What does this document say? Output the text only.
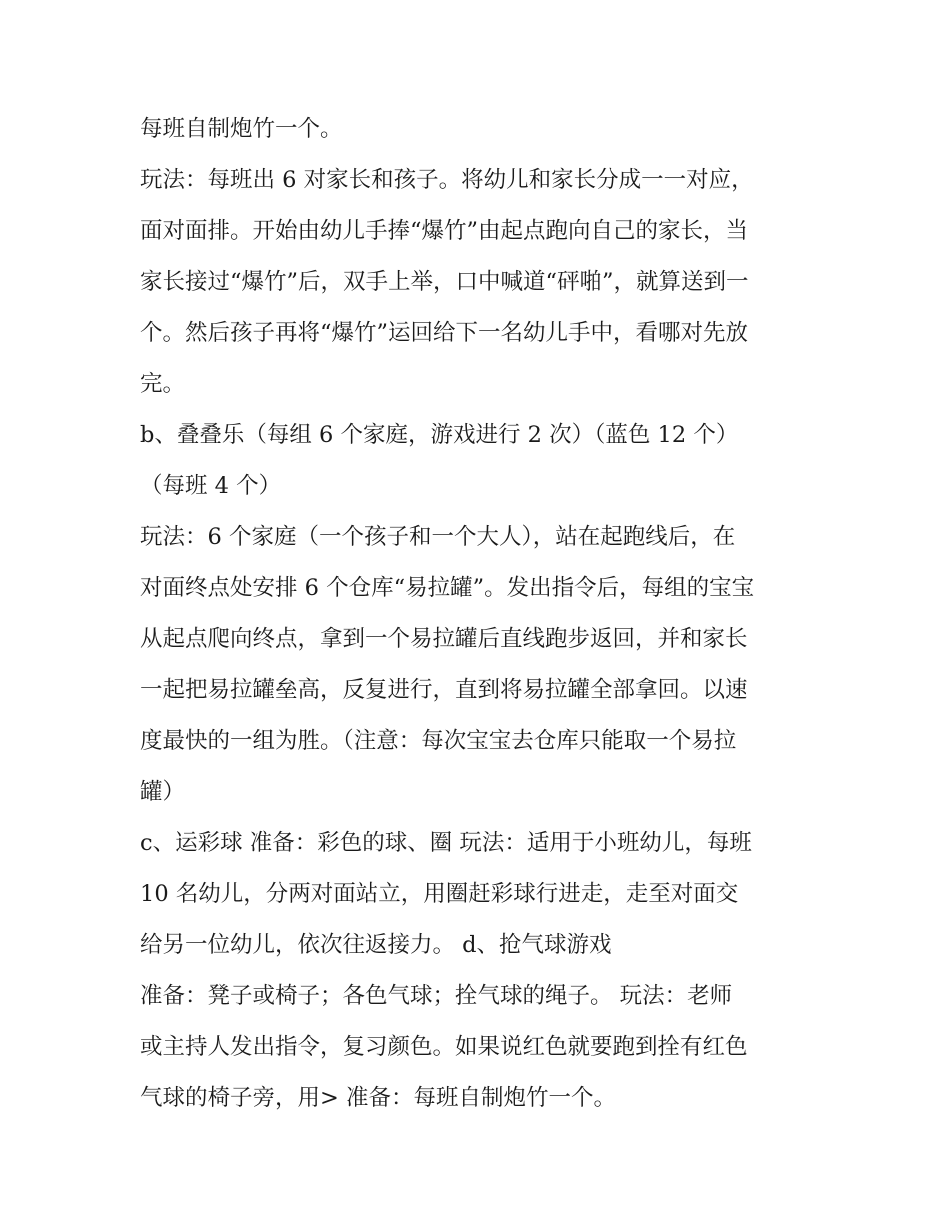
每班自制炮竹一个。
玩法：每班出 6 对家长和孩子。将幼儿和家长分成一一对应，
面对面排。开始由幼儿手捧“爆竹”由起点跑向自己的家长，当
家长接过“爆竹”后，双手上举，口中喊道“砰啪”，就算送到一
个。然后孩子再将“爆竹”运回给下一名幼儿手中，看哪对先放
完。
b、叠叠乐（每组 6 个家庭，游戏进行 2 次）（蓝色 12 个）
（每班 4 个）
玩法：6 个家庭（一个孩子和一个大人），站在起跑线后，在
对面终点处安排 6 个仓库“易拉罐”。发出指令后，每组的宝宝
从起点爬向终点，拿到一个易拉罐后直线跑步返回，并和家长
一起把易拉罐垒高，反复进行，直到将易拉罐全部拿回。以速
度最快的一组为胜。（注意：每次宝宝去仓库只能取一个易拉
罐）
c、运彩球 准备：彩色的球、圈 玩法：适用于小班幼儿，每班
10 名幼儿，分两对面站立，用圈赶彩球行进走，走至对面交
给另一位幼儿，依次往返接力。 d、抢气球游戏
准备：凳子或椅子；各色气球；拴气球的绳子。 玩法：老师
或主持人发出指令，复习颜色。如果说红色就要跑到拴有红色
气球的椅子旁，用> 准备：每班自制炮竹一个。
